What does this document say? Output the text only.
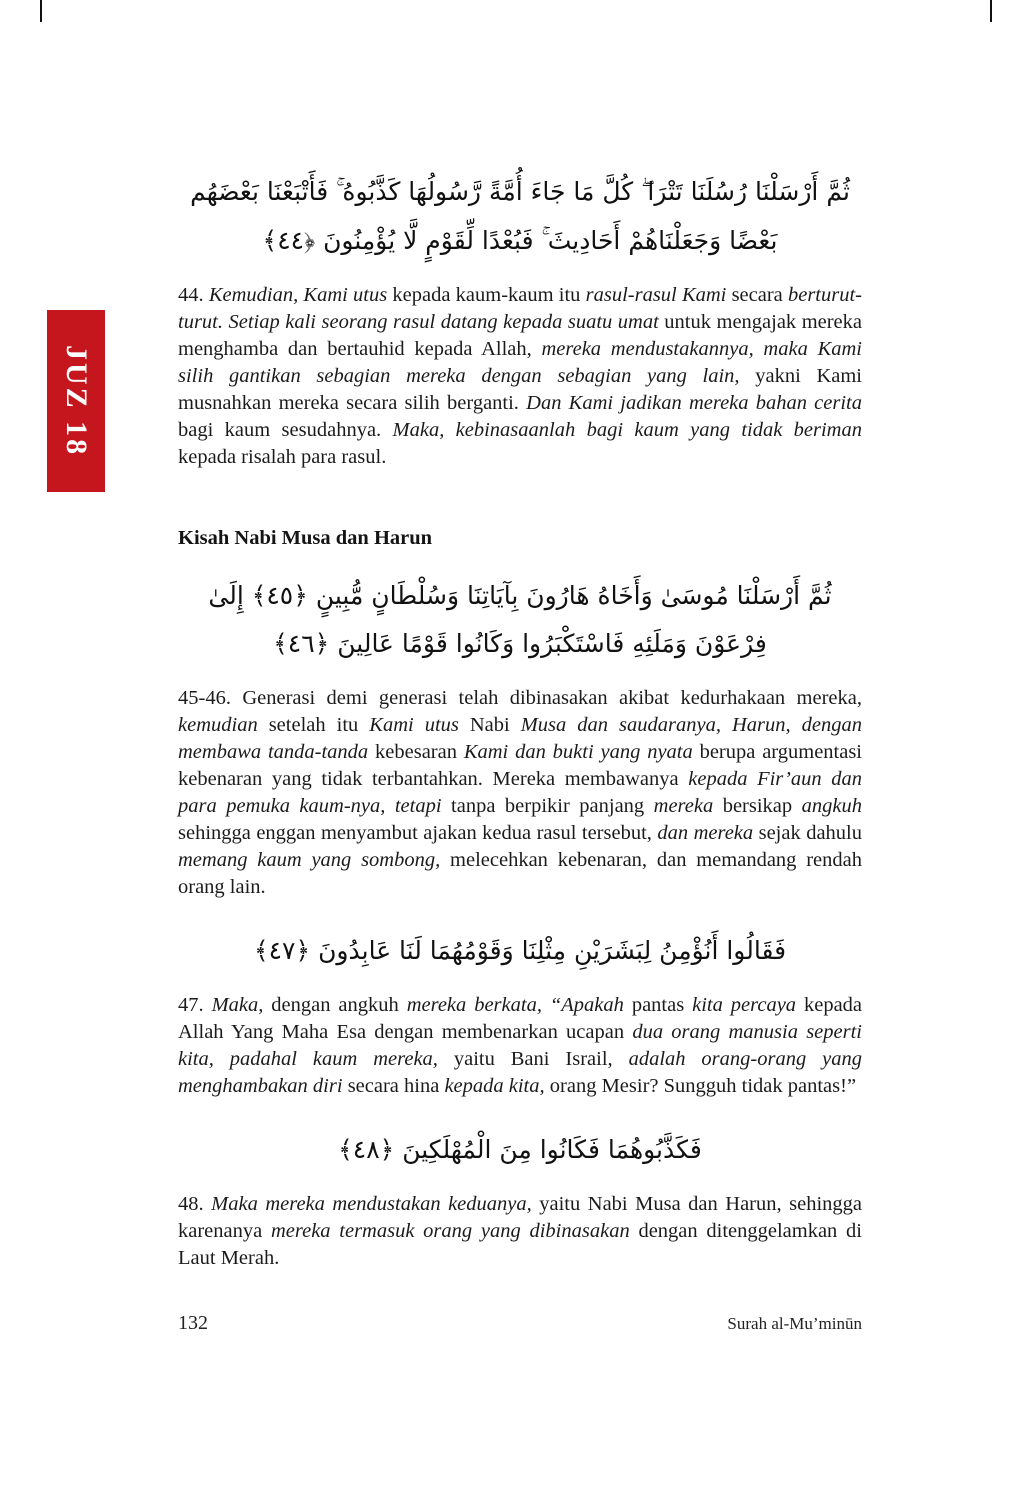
JUZ 18
ثُمَّ أَرْسَلْنَا رُسُلَنَا تَتْرَا ۖ كُلَّ مَا جَاءَ أُمَّةً رَّسُولُهَا كَذَّبُوهُ ۚ فَأَتْبَعْنَا بَعْضَهُم بَعْضًا وَجَعَلْنَاهُمْ أَحَادِيثَ ۚ فَبُعْدًا لِّقَوْمٍ لَّا يُؤْمِنُونَ ﴿٤٤﴾

44. Kemudian, Kami utus kepada kaum-kaum itu rasul-rasul Kami secara berturut-turut. Setiap kali seorang rasul datang kepada suatu umat untuk mengajak mereka menghamba dan bertauhid kepada Allah, mereka mendustakannya, maka Kami silih gantikan sebagian mereka dengan sebagian yang lain, yakni Kami musnahkan mereka secara silih berganti. Dan Kami jadikan mereka bahan cerita bagi kaum sesudahnya. Maka, kebinasaanlah bagi kaum yang tidak beriman kepada risalah para rasul.

Kisah Nabi Musa dan Harun
ثُمَّ أَرْسَلْنَا مُوسَىٰ وَأَخَاهُ هَارُونَ بِآيَاتِنَا وَسُلْطَانٍ مُّبِينٍ ﴿٤٥﴾ إِلَىٰ فِرْعَوْنَ وَمَلَئِهِ فَاسْتَكْبَرُوا وَكَانُوا قَوْمًا عَالِينَ ﴿٤٦﴾

45-46. Generasi demi generasi telah dibinasakan akibat kedurhakaan mereka, kemudian setelah itu Kami utus Nabi Musa dan saudaranya, Harun, dengan membawa tanda-tanda kebesaran Kami dan bukti yang nyata berupa argumentasi kebenaran yang tidak terbantahkan. Mereka membawanya kepada Fir’aun dan para pemuka kaum-nya, tetapi tanpa berpikir panjang mereka bersikap angkuh sehingga enggan menyambut ajakan kedua rasul tersebut, dan mereka sejak dahulu memang kaum yang sombong, melecehkan kebenaran, dan memandang rendah orang lain.

فَقَالُوا أَنُؤْمِنُ لِبَشَرَيْنِ مِثْلِنَا وَقَوْمُهُمَا لَنَا عَابِدُونَ ﴿٤٧﴾

47. Maka, dengan angkuh mereka berkata, “Apakah pantas kita percaya kepada Allah Yang Maha Esa dengan membenarkan ucapan dua orang manusia seperti kita, padahal kaum mereka, yaitu Bani Israil, adalah orang-orang yang menghambakan diri secara hina kepada kita, orang Mesir? Sungguh tidak pantas!”

فَكَذَّبُوهُمَا فَكَانُوا مِنَ الْمُهْلَكِينَ ﴿٤٨﴾

48. Maka mereka mendustakan keduanya, yaitu Nabi Musa dan Harun, sehingga karenanya mereka termasuk orang yang dibinasakan dengan ditenggelamkan di Laut Merah.

132	Surah al-Mu’minūn
